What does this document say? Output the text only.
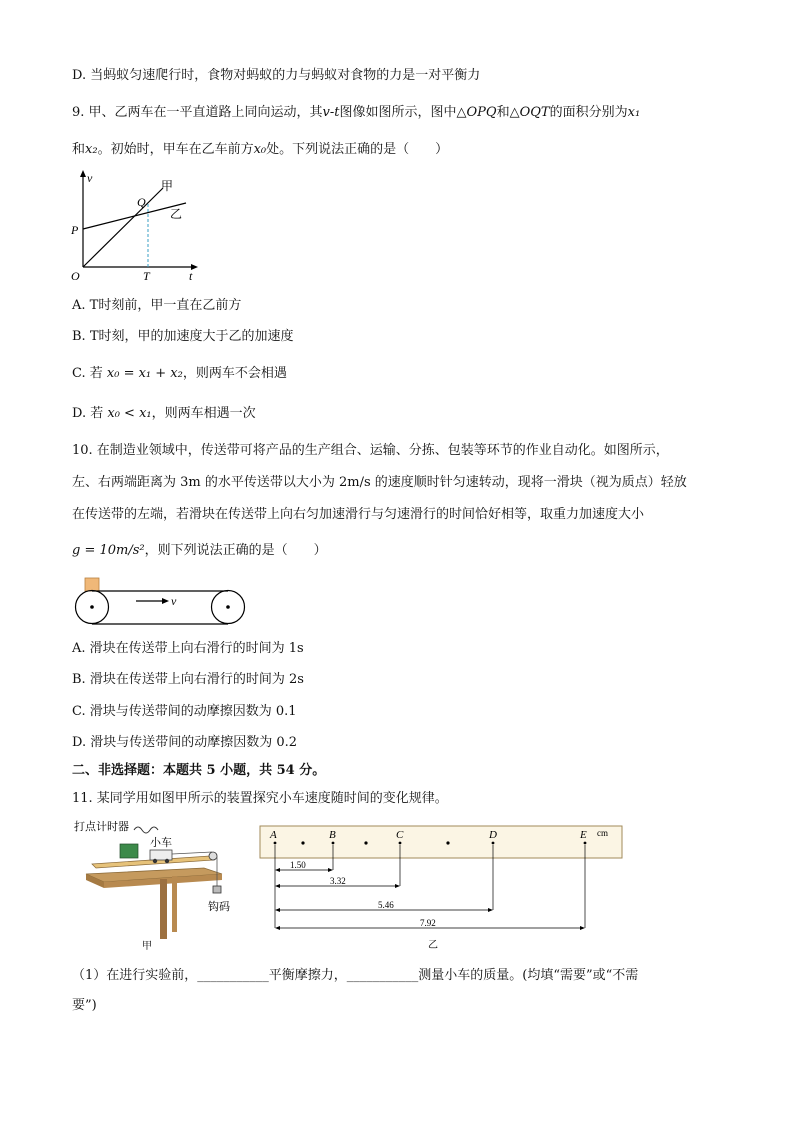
D. 当蚂蚁匀速爬行时，食物对蚂蚁的力与蚂蚁对食物的力是一对平衡力
9. 甲、乙两车在一平直道路上同向运动，其v-t图像如图所示，图中△OPQ和△OQT的面积分别为x₁
和x₂。初始时，甲车在乙车前方x₀处。下列说法正确的是（　　）
v
t
O
P
Q
T
甲
乙
A. T时刻前，甲一直在乙前方
B. T时刻，甲的加速度大于乙的加速度
C. 若 x₀ = x₁ + x₂，则两车不会相遇
D. 若 x₀ < x₁，则两车相遇一次
10. 在制造业领域中，传送带可将产品的生产组合、运输、分拣、包装等环节的作业自动化。如图所示，
左、右两端距离为 3m 的水平传送带以大小为 2m/s 的速度顺时针匀速转动，现将一滑块（视为质点）轻放
在传送带的左端，若滑块在传送带上向右匀加速滑行与匀速滑行的时间恰好相等，取重力加速度大小
g = 10m/s²，则下列说法正确的是（　　）
v
A. 滑块在传送带上向右滑行的时间为 1s
B. 滑块在传送带上向右滑行的时间为 2s
C. 滑块与传送带间的动摩擦因数为 0.1
D. 滑块与传送带间的动摩擦因数为 0.2
二、非选择题：本题共 5 小题，共 54 分。
11. 某同学用如图甲所示的装置探究小车速度随时间的变化规律。
打点计时器
小车
钩码
甲
cm
A	B	C	D	E
1.50
3.32
5.46
7.92
乙
（1）在进行实验前，___________平衡摩擦力，___________测量小车的质量。(均填“需要”或“不需
要”)
